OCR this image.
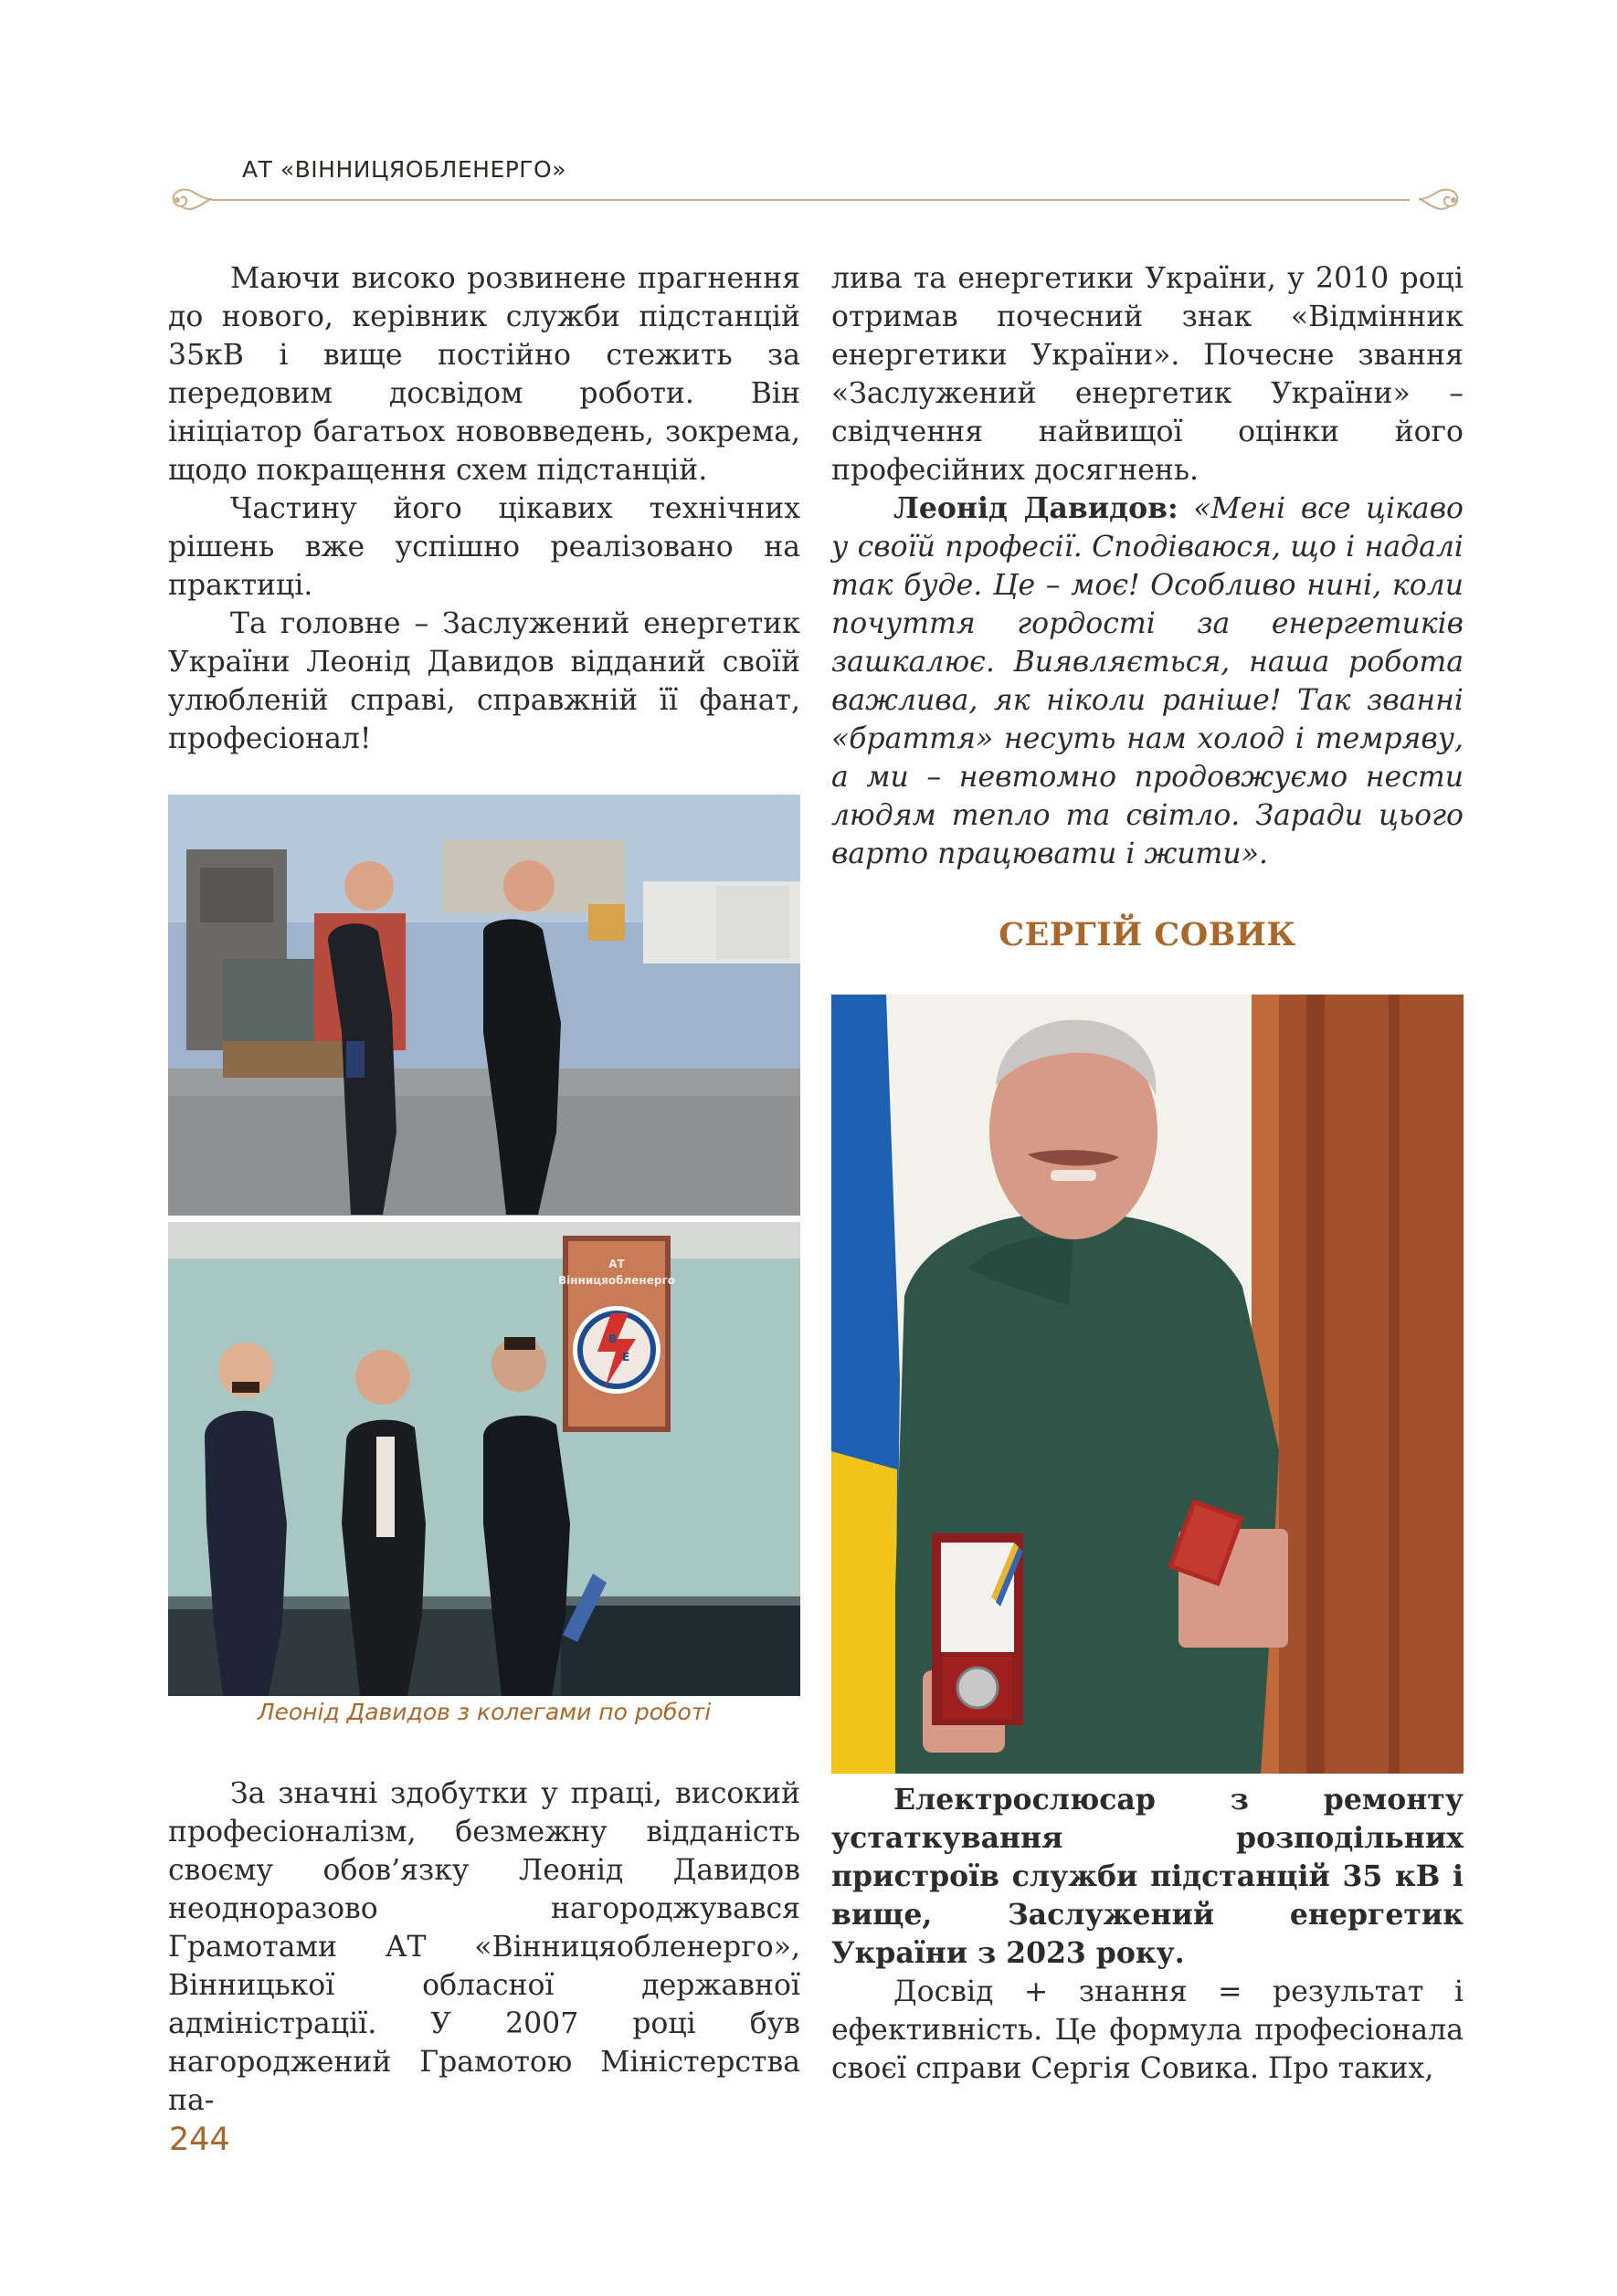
АТ «ВІННИЦЯОБЛЕНЕРГО»

Маючи високо розвинене прагнення до нового, керівник служби підстанцій 35кВ і вище постійно стежить за передовим досвідом роботи. Він ініціатор багатьох нововведень, зокрема, щодо покращення схем підстанцій.

Частину його цікавих технічних рішень вже успішно реалізовано на практиці.

Та головне – Заслужений енергетик України Леонід Давидов відданий своїй улюбленій справі, справжній її фанат, професіонал!

АТ
Вінницяобленерго
В
Е
Леонід Давидов з колегами по роботі

За значні здобутки у праці, високий професіоналізм, безмежну відданість своєму обов’язку Леонід Давидов неодноразово нагороджувався Грамотами АТ «Вінницяобленерго», Вінницької обласної державної адміністрації. У 2007 році був нагороджений Грамотою Міністерства па-

лива та енергетики України, у 2010 році отримав почесний знак «Відмінник енергетики України». Почесне звання «Заслужений енергетик України» – свідчення найвищої оцінки його професійних досягнень.

Леонід Давидов: «Мені все цікаво у своїй професії. Сподіваюся, що і надалі так буде. Це – моє! Особливо нині, коли почуття гордості за енергетиків зашкалює. Виявляється, наша робота важлива, як ніколи раніше! Так званні «браття» несуть нам холод і темряву, а ми – невтомно продовжуємо нести людям тепло та світло. Заради цього варто працювати і жити».

СЕРГІЙ СОВИК

Електрослюсар з ремонту устаткування розподільних пристроїв служби підстанцій 35 кВ і вище, Заслужений енергетик України з 2023 року.

Досвід + знання = результат і ефективність. Це формула професіонала своєї справи Сергія Совика. Про таких,

244
